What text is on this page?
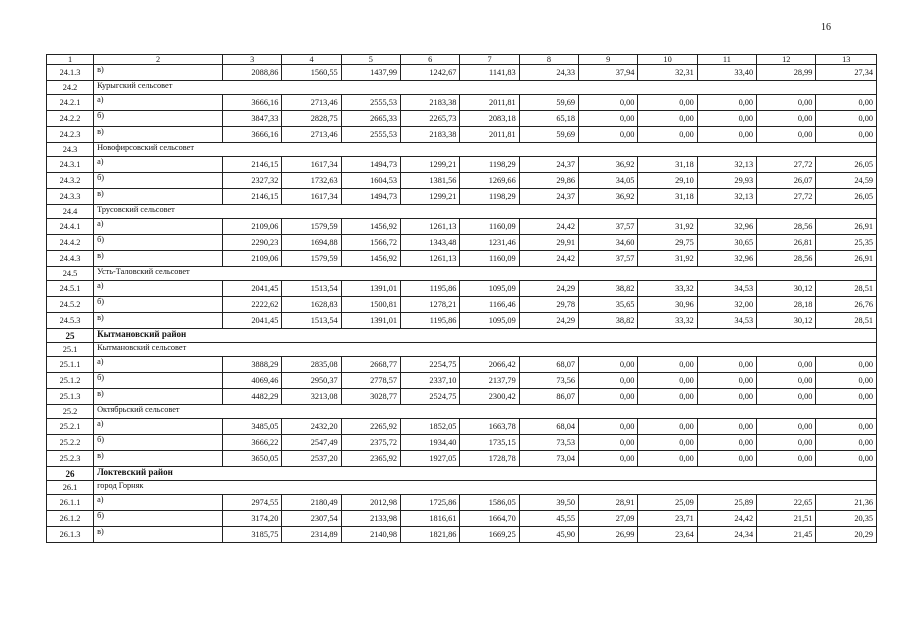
16
1	2	3	4	5	6	7	8	9	10	11	12	13
24.1.3	в)	2088,86	1560,55	1437,99	1242,67	1141,83	24,33	37,94	32,31	33,40	28,99	27,34
24.2	Курыгский сельсовет											
24.2.1	а)	3666,16	2713,46	2555,53	2183,38	2011,81	59,69	0,00	0,00	0,00	0,00	0,00
24.2.2	б)	3847,33	2828,75	2665,33	2265,73	2083,18	65,18	0,00	0,00	0,00	0,00	0,00
24.2.3	в)	3666,16	2713,46	2555,53	2183,38	2011,81	59,69	0,00	0,00	0,00	0,00	0,00
24.3	Новофирсовский сельсовет											
24.3.1	а)	2146,15	1617,34	1494,73	1299,21	1198,29	24,37	36,92	31,18	32,13	27,72	26,05
24.3.2	б)	2327,32	1732,63	1604,53	1381,56	1269,66	29,86	34,05	29,10	29,93	26,07	24,59
24.3.3	в)	2146,15	1617,34	1494,73	1299,21	1198,29	24,37	36,92	31,18	32,13	27,72	26,05
24.4	Трусовский сельсовет											
24.4.1	а)	2109,06	1579,59	1456,92	1261,13	1160,09	24,42	37,57	31,92	32,96	28,56	26,91
24.4.2	б)	2290,23	1694,88	1566,72	1343,48	1231,46	29,91	34,60	29,75	30,65	26,81	25,35
24.4.3	в)	2109,06	1579,59	1456,92	1261,13	1160,09	24,42	37,57	31,92	32,96	28,56	26,91
24.5	Усть-Таловский сельсовет											
24.5.1	а)	2041,45	1513,54	1391,01	1195,86	1095,09	24,29	38,82	33,32	34,53	30,12	28,51
24.5.2	б)	2222,62	1628,83	1500,81	1278,21	1166,46	29,78	35,65	30,96	32,00	28,18	26,76
24.5.3	в)	2041,45	1513,54	1391,01	1195,86	1095,09	24,29	38,82	33,32	34,53	30,12	28,51
25	Кытмановский район											
25.1	Кытмановский сельсовет											
25.1.1	а)	3888,29	2835,08	2668,77	2254,75	2066,42	68,07	0,00	0,00	0,00	0,00	0,00
25.1.2	б)	4069,46	2950,37	2778,57	2337,10	2137,79	73,56	0,00	0,00	0,00	0,00	0,00
25.1.3	в)	4482,29	3213,08	3028,77	2524,75	2300,42	86,07	0,00	0,00	0,00	0,00	0,00
25.2	Октябрьский сельсовет											
25.2.1	а)	3485,05	2432,20	2265,92	1852,05	1663,78	68,04	0,00	0,00	0,00	0,00	0,00
25.2.2	б)	3666,22	2547,49	2375,72	1934,40	1735,15	73,53	0,00	0,00	0,00	0,00	0,00
25.2.3	в)	3650,05	2537,20	2365,92	1927,05	1728,78	73,04	0,00	0,00	0,00	0,00	0,00
26	Локтевский район											
26.1	город Горняк											
26.1.1	а)	2974,55	2180,49	2012,98	1725,86	1586,05	39,50	28,91	25,09	25,89	22,65	21,36
26.1.2	б)	3174,20	2307,54	2133,98	1816,61	1664,70	45,55	27,09	23,71	24,42	21,51	20,35
26.1.3	в)	3185,75	2314,89	2140,98	1821,86	1669,25	45,90	26,99	23,64	24,34	21,45	20,29
